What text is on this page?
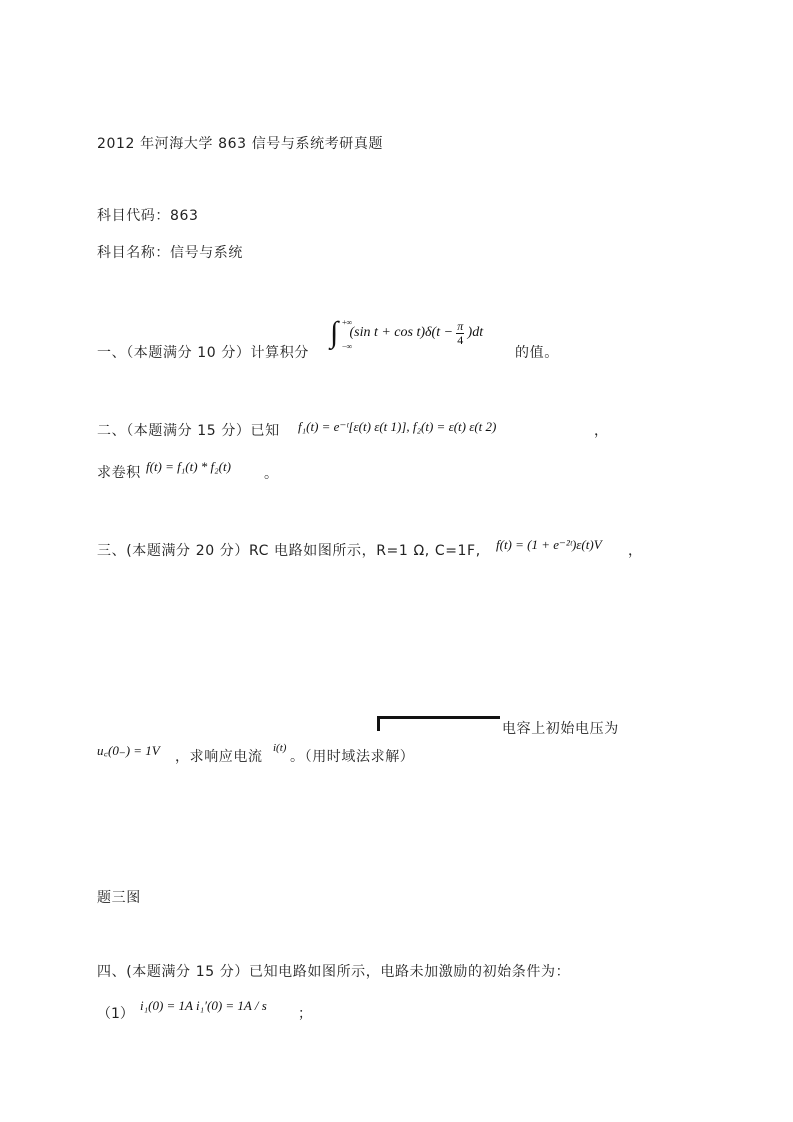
2012 年河海大学 863 信号与系统考研真题
科目代码：863
科目名称：信号与系统
一、（本题满分 10 分）计算积分
∫ +∞
−∞
(sin $t + \cos t)\delta(t - \frac{\pi}{4} )dt$
的值。
二、（本题满分 15 分）已知 f₁(t) = e⁻ᵗ[ε(t) ε(t 1)], f₂(t) = ε(t) ε(t 2)	，
求卷积 f(t) = f₁(t) * f₂(t) 。
三、(本题满分 20 分）RC 电路如图所示，R=1 Ω, C=1F, f(t) = (1 + e⁻²ᵗ)ε(t)V ，
电容上初始电压为
u꜀(0₋) = 1V ，求响应电流
i(t)
。（用时域法求解）
题三图
四、(本题满分 15 分）已知电路如图所示，电路未加激励的初始条件为：
（1）
i₁(0) = 1A i₁′(0) = 1A / s
；
